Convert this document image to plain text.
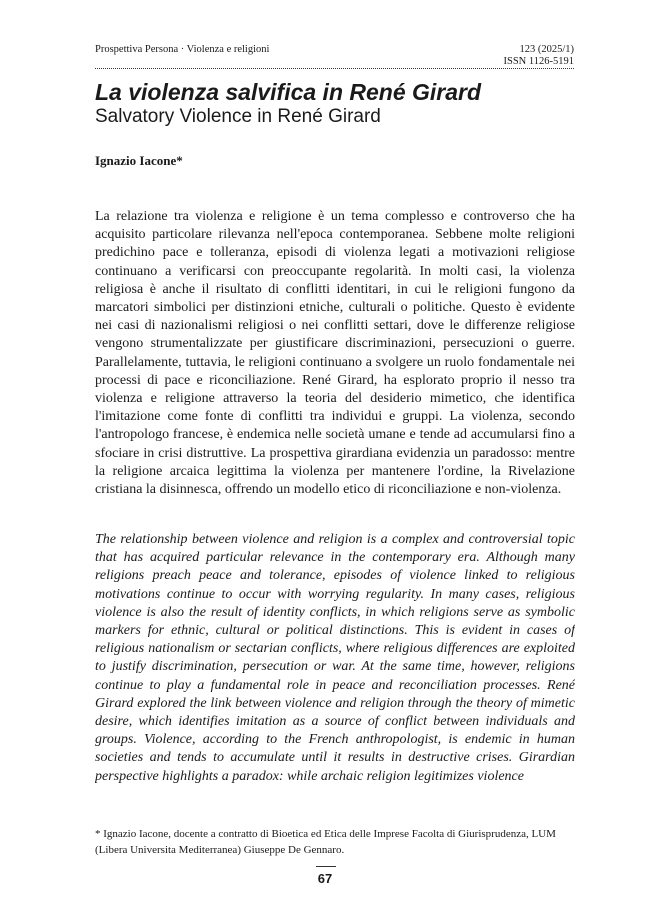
Prospettiva Persona · Violenza e religioni	123 (2025/1)
ISSN 1126-5191
La violenza salvifica in René Girard
Salvatory Violence in René Girard
Ignazio Iacone*

La relazione tra violenza e religione è un tema complesso e controverso che ha acquisito particolare rilevanza nell'epoca contemporanea. Sebbene molte religioni predichino pace e tolleranza, episodi di violenza legati a motivazioni religiose continuano a verificarsi con preoccupante regolarità. In molti casi, la violenza religiosa è anche il risultato di conflitti identitari, in cui le religioni fungono da marcatori simbolici per distinzioni etniche, culturali o politiche. Questo è evidente nei casi di nazionalismi religiosi o nei conflitti settari, dove le differenze religiose vengono strumentalizzate per giustificare discriminazioni, persecuzioni o guerre. Parallelamente, tuttavia, le religioni continuano a svolgere un ruolo fondamentale nei processi di pace e riconciliazione. René Girard, ha esplorato proprio il nesso tra violenza e religione attraverso la teoria del desiderio mimetico, che identifica l'imitazione come fonte di conflitti tra individui e gruppi. La violenza, secondo l'antropologo francese, è endemica nelle società umane e tende ad accumularsi fino a sfociare in crisi distruttive. La prospettiva girardiana evidenzia un paradosso: mentre la religione arcaica legittima la violenza per mantenere l'ordine, la Rivelazione cristiana la disinnesca, offrendo un modello etico di riconciliazione e non-violenza.

The relationship between violence and religion is a complex and controversial topic that has acquired particular relevance in the contemporary era. Although many religions preach peace and tolerance, episodes of violence linked to religious motivations continue to occur with worrying regularity. In many cases, religious violence is also the result of identity conflicts, in which religions serve as symbolic markers for ethnic, cultural or political distinctions. This is evident in cases of religious nationalism or sectarian conflicts, where religious differences are exploited to justify discrimination, persecution or war. At the same time, however, religions continue to play a fundamental role in peace and reconciliation processes. René Girard explored the link between violence and religion through the theory of mimetic desire, which identifies imitation as a source of conflict between individuals and groups. Violence, according to the French anthropologist, is endemic in human societies and tends to accumulate until it results in destructive crises. Girardian perspective highlights a paradox: while archaic religion legitimizes violence

* Ignazio Iacone, docente a contratto di Bioetica ed Etica delle Imprese Facolta di Giurisprudenza, LUM (Libera Universita Mediterranea) Giuseppe De Gennaro.

67
